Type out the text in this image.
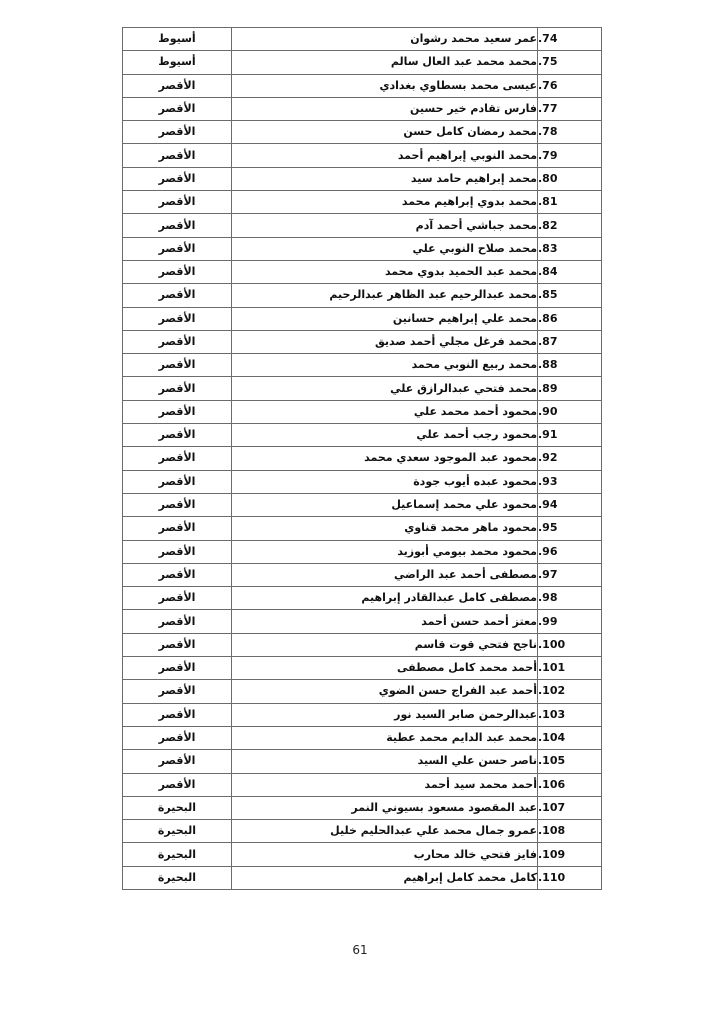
.74	عمر سعيد محمد رشوان	أسيوط
.75	محمد محمد عبد العال سالم	أسيوط
.76	عيسى محمد بسطاوي بغدادي	الأقصر
.77	فارس تقادم خير حسين	الأقصر
.78	محمد رمضان كامل حسن	الأقصر
.79	محمد النوبي إبراهيم أحمد	الأقصر
.80	محمد إبراهيم حامد سيد	الأقصر
.81	محمد بدوي إبراهيم محمد	الأقصر
.82	محمد جباشي أحمد آدم	الأقصر
.83	محمد صلاح النوبي علي	الأقصر
.84	محمد عبد الحميد بدوي محمد	الأقصر
.85	محمد عبدالرحيم عبد الظاهر عبدالرحيم	الأقصر
.86	محمد علي إبراهيم حسانين	الأقصر
.87	محمد فرغل مجلي أحمد صديق	الأقصر
.88	محمد ربيع النوبي محمد	الأقصر
.89	محمد فتحي عبدالرازق علي	الأقصر
.90	محمود أحمد محمد علي	الأقصر
.91	محمود رجب أحمد علي	الأقصر
.92	محمود عبد الموجود سعدي محمد	الأقصر
.93	محمود عبده أيوب جودة	الأقصر
.94	محمود علي محمد إسماعيل	الأقصر
.95	محمود ماهر محمد قناوي	الأقصر
.96	محمود محمد بيومي أبوزيد	الأقصر
.97	مصطفى أحمد عبد الراضي	الأقصر
.98	مصطفى كامل عبدالقادر إبراهيم	الأقصر
.99	معتز أحمد حسن أحمد	الأقصر
.100	ناجح فتحي قوت قاسم	الأقصر
.101	أحمد محمد كامل مصطفى	الأقصر
.102	أحمد عبد الفراج حسن الضوي	الأقصر
.103	عبدالرحمن صابر السيد نور	الأقصر
.104	محمد عبد الدايم محمد عطية	الأقصر
.105	ناصر حسن علي السيد	الأقصر
.106	أحمد محمد سيد أحمد	الأقصر
.107	عبد المقصود مسعود بسيوني النمر	البحيرة
.108	عمرو جمال محمد علي عبدالحليم خليل	البحيرة
.109	فايز فتحي خالد محارب	البحيرة
.110	كامل محمد كامل إبراهيم	البحيرة
61
